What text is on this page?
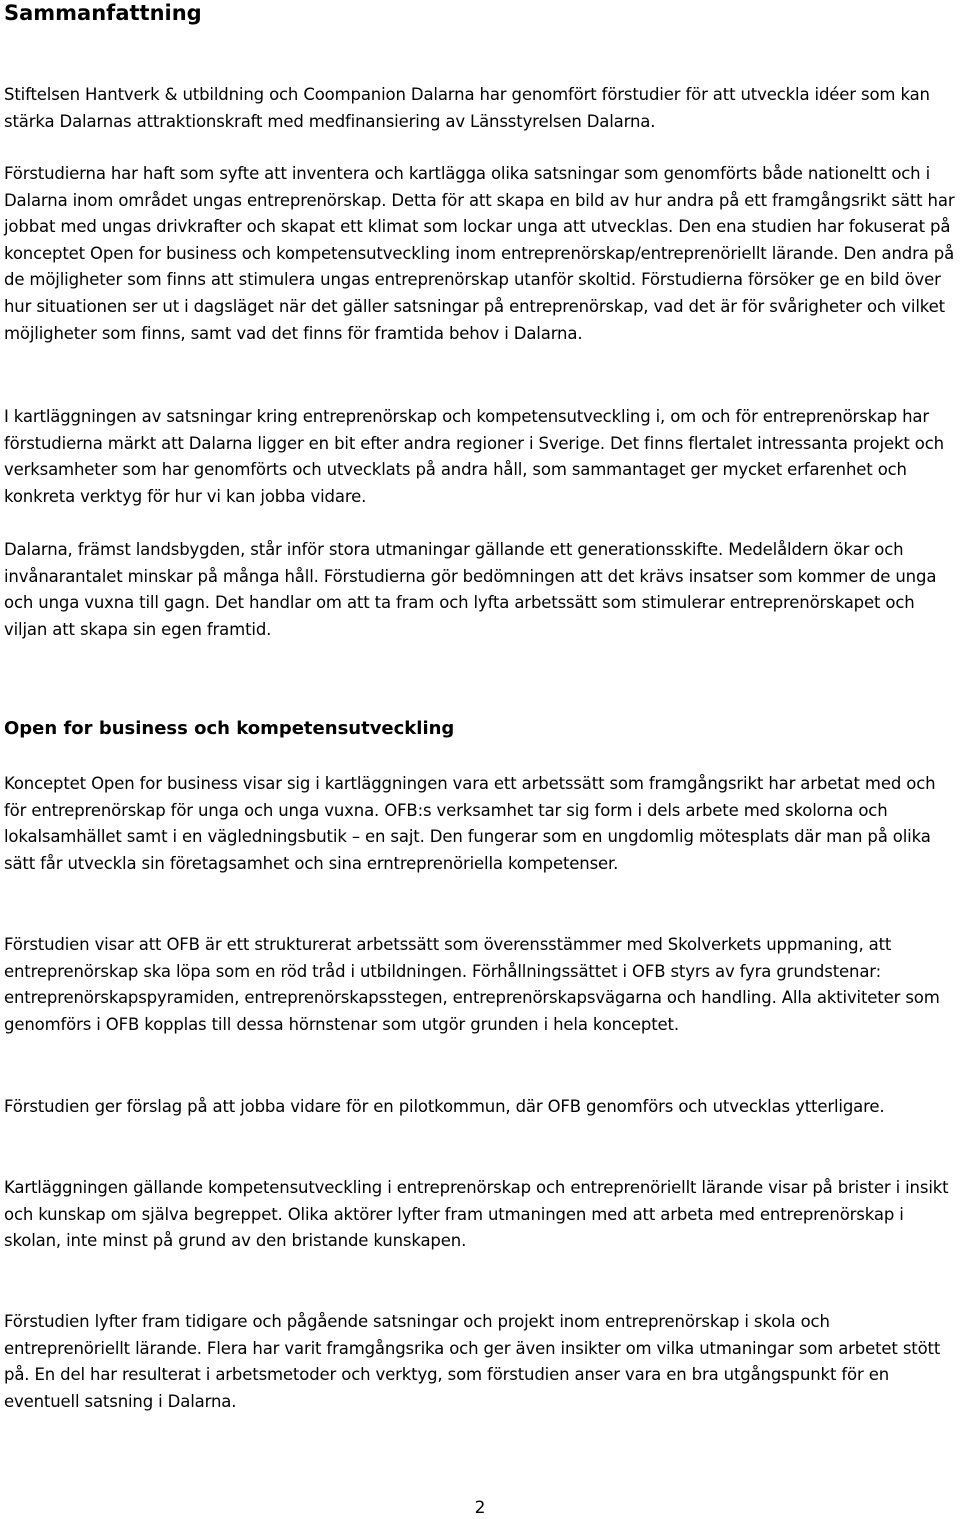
Sammanfattning

Stiftelsen Hantverk & utbildning och Coompanion Dalarna har genomfört förstudier för att utveckla idéer som kan stärka Dalarnas attraktionskraft med medfinansiering av Länsstyrelsen Dalarna.

Förstudierna har haft som syfte att inventera och kartlägga olika satsningar som genomförts både nationeltt och i Dalarna inom området ungas entreprenörskap. Detta för att skapa en bild av hur andra på ett framgångsrikt sätt har jobbat med ungas drivkrafter och skapat ett klimat som lockar unga att utvecklas. Den ena studien har fokuserat på konceptet Open for business och kompetensutveckling inom entreprenörskap/entreprenöriellt lärande. Den andra på de möjligheter som finns att stimulera ungas entreprenörskap utanför skoltid. Förstudierna försöker ge en bild över hur situationen ser ut i dagsläget när det gäller satsningar på entreprenörskap, vad det är för svårigheter och vilket möjligheter som finns, samt vad det finns för framtida behov i Dalarna.

I kartläggningen av satsningar kring entreprenörskap och kompetensutveckling i, om och för entreprenörskap har förstudierna märkt att Dalarna ligger en bit efter andra regioner i Sverige. Det finns flertalet intressanta projekt och verksamheter som har genomförts och utvecklats på andra håll, som sammantaget ger mycket erfarenhet och konkreta verktyg för hur vi kan jobba vidare.

Dalarna, främst landsbygden, står inför stora utmaningar gällande ett generationsskifte. Medelåldern ökar och invånarantalet minskar på många håll. Förstudierna gör bedömningen att det krävs insatser som kommer de unga och unga vuxna till gagn. Det handlar om att ta fram och lyfta arbetssätt som stimulerar entreprenörskapet och viljan att skapa sin egen framtid.

Open for business och kompetensutveckling

Konceptet Open for business visar sig i kartläggningen vara ett arbetssätt som framgångsrikt har arbetat med och för entreprenörskap för unga och unga vuxna. OFB:s verksamhet tar sig form i dels arbete med skolorna och lokalsamhället samt i en vägledningsbutik – en sajt. Den fungerar som en ungdomlig mötesplats där man på olika sätt får utveckla sin företagsamhet och sina erntreprenöriella kompetenser.

Förstudien visar att OFB är ett strukturerat arbetssätt som överensstämmer med Skolverkets uppmaning, att entreprenörskap ska löpa som en röd tråd i utbildningen. Förhållningssättet i OFB styrs av fyra grundstenar: entreprenörskapspyramiden, entreprenörskapsstegen, entreprenörskapsvägarna och handling. Alla aktiviteter som genomförs i OFB kopplas till dessa hörnstenar som utgör grunden i hela konceptet.

Förstudien ger förslag på att jobba vidare för en pilotkommun, där OFB genomförs och utvecklas ytterligare.

Kartläggningen gällande kompetensutveckling i entreprenörskap och entreprenöriellt lärande visar på brister i insikt och kunskap om själva begreppet. Olika aktörer lyfter fram utmaningen med att arbeta med entreprenörskap i skolan, inte minst på grund av den bristande kunskapen.

Förstudien lyfter fram tidigare och pågående satsningar och projekt inom entreprenörskap i skola och entreprenöriellt lärande. Flera har varit framgångsrika och ger även insikter om vilka utmaningar som arbetet stött på. En del har resulterat i arbetsmetoder och verktyg, som förstudien anser vara en bra utgångspunkt för en eventuell satsning i Dalarna.

2
